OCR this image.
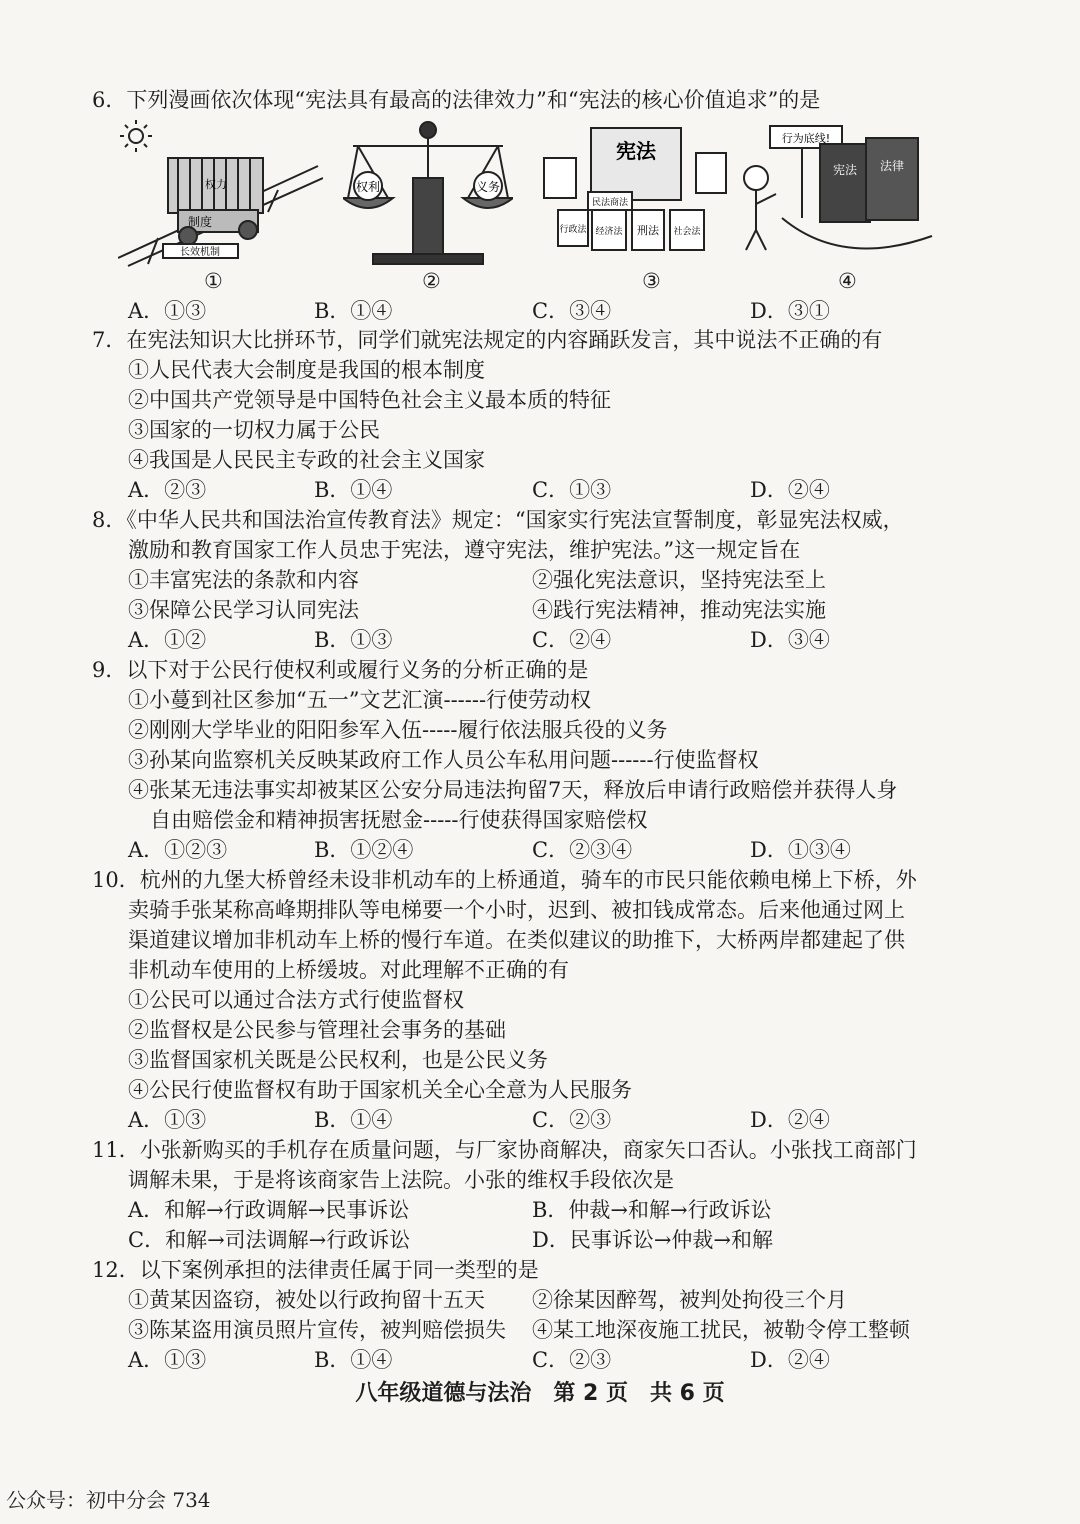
6．下列漫画依次体现“宪法具有最高的法律效力”和“宪法的核心价值追求”的是
制度
权力
长效机制
权利	义务
宪法
民法商法
行政法 经济法 刑法 社会法
行为底线!
宪法 法律
①	②	③	④
A．①③	B．①④	C．③④	D．③①
7．在宪法知识大比拼环节，同学们就宪法规定的内容踊跃发言，其中说法不正确的有
①人民代表大会制度是我国的根本制度
②中国共产党领导是中国特色社会主义最本质的特征
③国家的一切权力属于公民
④我国是人民民主专政的社会主义国家
A．②③	B．①④	C．①③	D．②④
8．《中华人民共和国法治宣传教育法》规定：“国家实行宪法宣誓制度，彰显宪法权威，
激励和教育国家工作人员忠于宪法，遵守宪法，维护宪法。”这一规定旨在
①丰富宪法的条款和内容	②强化宪法意识，坚持宪法至上
③保障公民学习认同宪法	④践行宪法精神，推动宪法实施
A．①②	B．①③	C．②④	D．③④
9．以下对于公民行使权利或履行义务的分析正确的是
①小蔓到社区参加“五一”文艺汇演------行使劳动权
②刚刚大学毕业的阳阳参军入伍-----履行依法服兵役的义务
③孙某向监察机关反映某政府工作人员公车私用问题------行使监督权
④张某无违法事实却被某区公安分局违法拘留7天，释放后申请行政赔偿并获得人身
自由赔偿金和精神损害抚慰金-----行使获得国家赔偿权
A．①②③	B．①②④	C．②③④	D．①③④
10．杭州的九堡大桥曾经未设非机动车的上桥通道，骑车的市民只能依赖电梯上下桥，外
卖骑手张某称高峰期排队等电梯要一个小时，迟到、被扣钱成常态。后来他通过网上
渠道建议增加非机动车上桥的慢行车道。在类似建议的助推下，大桥两岸都建起了供
非机动车使用的上桥缓坡。对此理解不正确的有
①公民可以通过合法方式行使监督权
②监督权是公民参与管理社会事务的基础
③监督国家机关既是公民权利，也是公民义务
④公民行使监督权有助于国家机关全心全意为人民服务
A．①③	B．①④	C．②③	D．②④
11．小张新购买的手机存在质量问题，与厂家协商解决，商家矢口否认。小张找工商部门
调解未果，于是将该商家告上法院。小张的维权手段依次是
A．和解→行政调解→民事诉讼	B．仲裁→和解→行政诉讼
C．和解→司法调解→行政诉讼	D．民事诉讼→仲裁→和解
12．以下案例承担的法律责任属于同一类型的是
①黄某因盗窃，被处以行政拘留十五天 ②徐某因醉驾，被判处拘役三个月
③陈某盗用演员照片宣传，被判赔偿损失 ④某工地深夜施工扰民，被勒令停工整顿
A．①③	B．①④	C．②③	D．②④
八年级道德与法治　第 2 页　共 6 页
公众号：初中分会 734
